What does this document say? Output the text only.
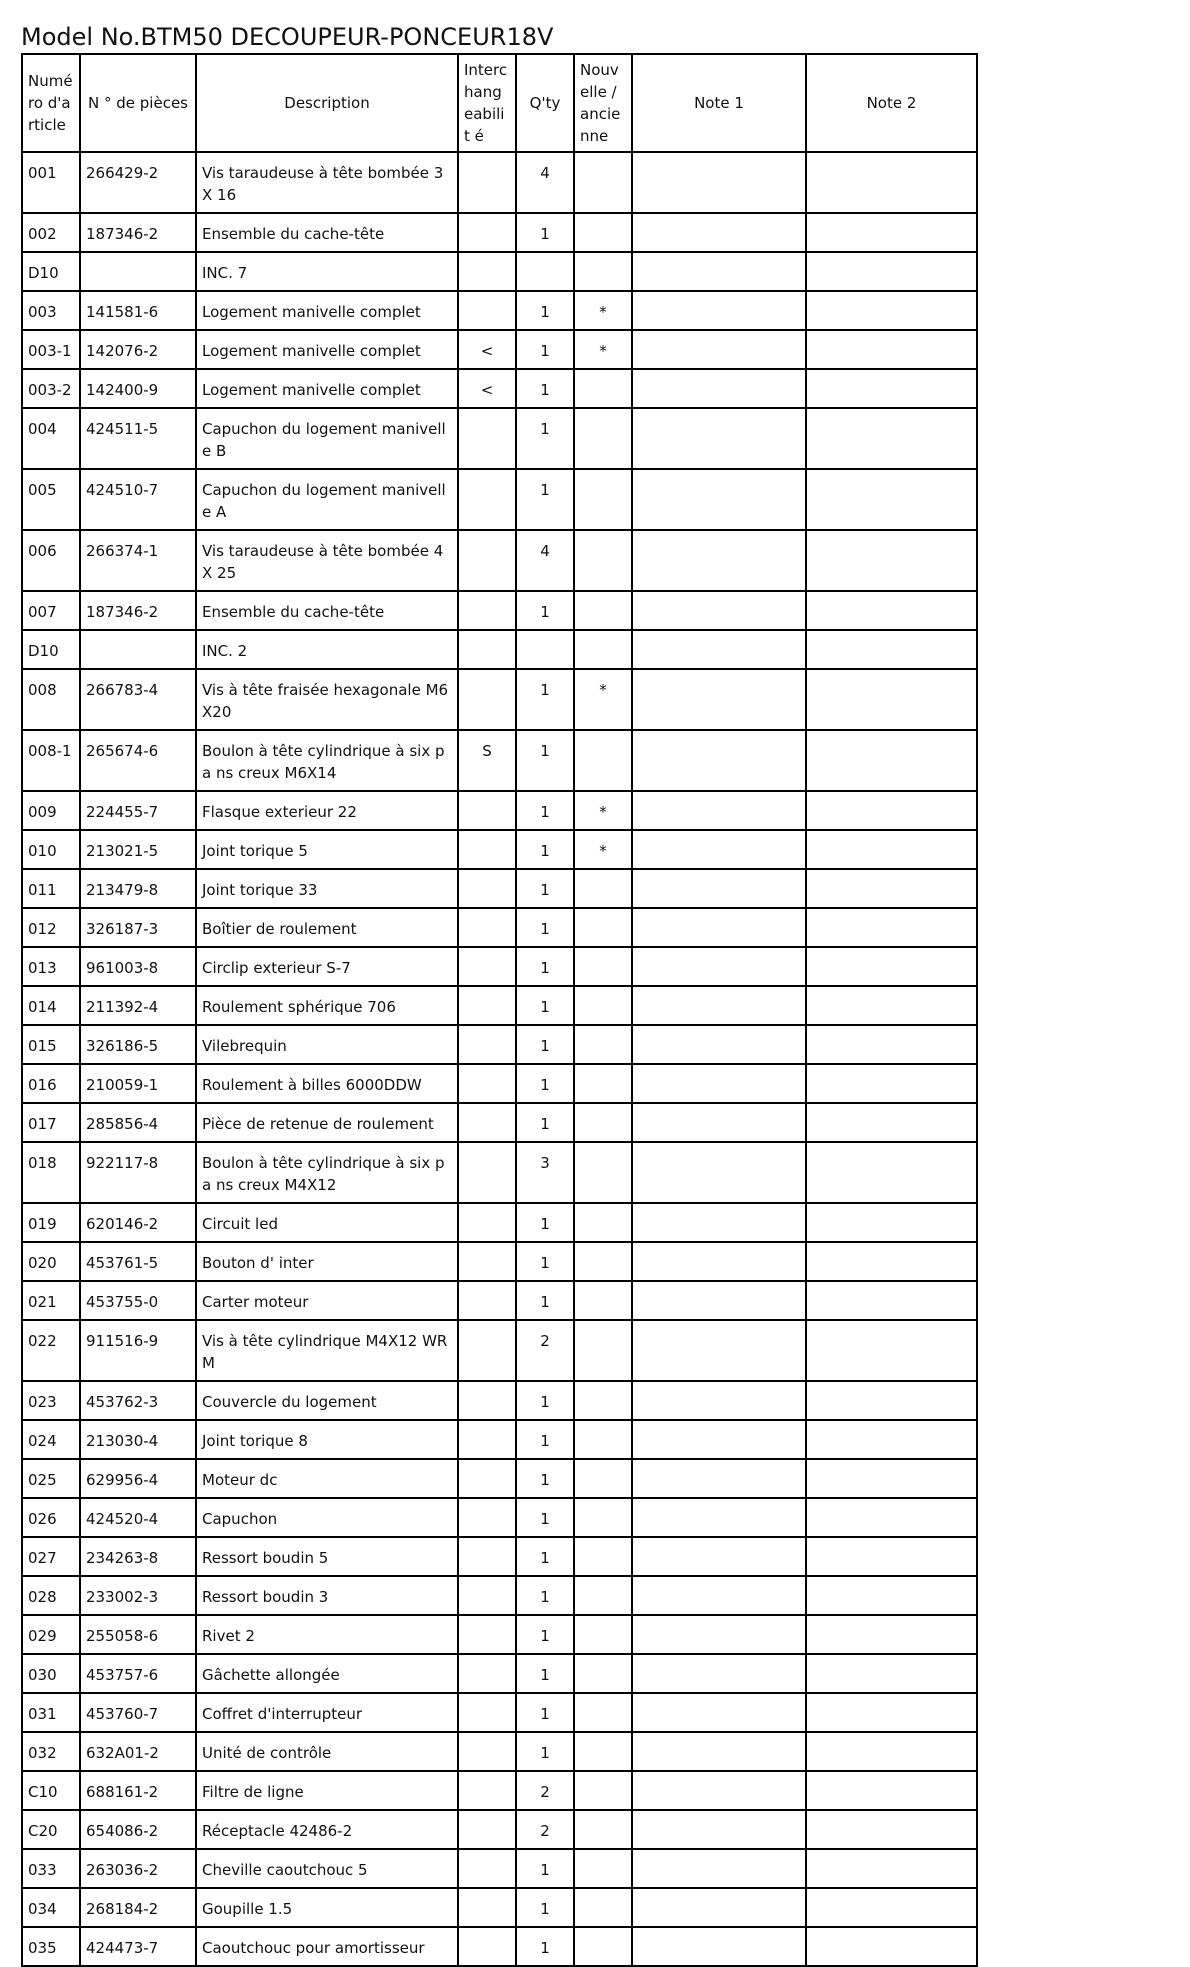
Model No.BTM50 DECOUPEUR-PONCEUR18V
Numé ro d'a rticle	N ° de pièces	Description	Interc hang eabilit é	Q'ty	Nouv elle / ancie nne	Note 1	Note 2
001	266429-2	Vis taraudeuse à tête bombée 3X 16		4			
002	187346-2	Ensemble du cache-tête		1			
D10		INC. 7					
003	141581-6	Logement manivelle complet		1	*		
003-1	142076-2	Logement manivelle complet	<	1	*		
003-2	142400-9	Logement manivelle complet	<	1			
004	424511-5	Capuchon du logement manivell e B		1			
005	424510-7	Capuchon du logement manivell e A		1			
006	266374-1	Vis taraudeuse à tête bombée 4X 25		4			
007	187346-2	Ensemble du cache-tête		1			
D10		INC. 2					
008	266783-4	Vis à tête fraisée hexagonale M6 X20		1	*		
008-1	265674-6	Boulon à tête cylindrique à six pa ns creux M6X14	S	1			
009	224455-7	Flasque exterieur 22		1	*		
010	213021-5	Joint torique 5		1	*		
011	213479-8	Joint torique 33		1			
012	326187-3	Boîtier de roulement		1			
013	961003-8	Circlip exterieur S-7		1			
014	211392-4	Roulement sphérique 706		1			
015	326186-5	Vilebrequin		1			
016	210059-1	Roulement à billes 6000DDW		1			
017	285856-4	Pièce de retenue de roulement		1			
018	922117-8	Boulon à tête cylindrique à six pa ns creux M4X12		3			
019	620146-2	Circuit led		1			
020	453761-5	Bouton d' inter		1			
021	453755-0	Carter moteur		1			
022	911516-9	Vis à tête cylindrique M4X12 WR M		2			
023	453762-3	Couvercle du logement		1			
024	213030-4	Joint torique 8		1			
025	629956-4	Moteur dc		1			
026	424520-4	Capuchon		1			
027	234263-8	Ressort boudin 5		1			
028	233002-3	Ressort boudin 3		1			
029	255058-6	Rivet 2		1			
030	453757-6	Gâchette allongée		1			
031	453760-7	Coffret d'interrupteur		1			
032	632A01-2	Unité de contrôle		1			
C10	688161-2	Filtre de ligne		2			
C20	654086-2	Réceptacle 42486-2		2			
033	263036-2	Cheville caoutchouc 5		1			
034	268184-2	Goupille 1.5		1			
035	424473-7	Caoutchouc pour amortisseur		1			
